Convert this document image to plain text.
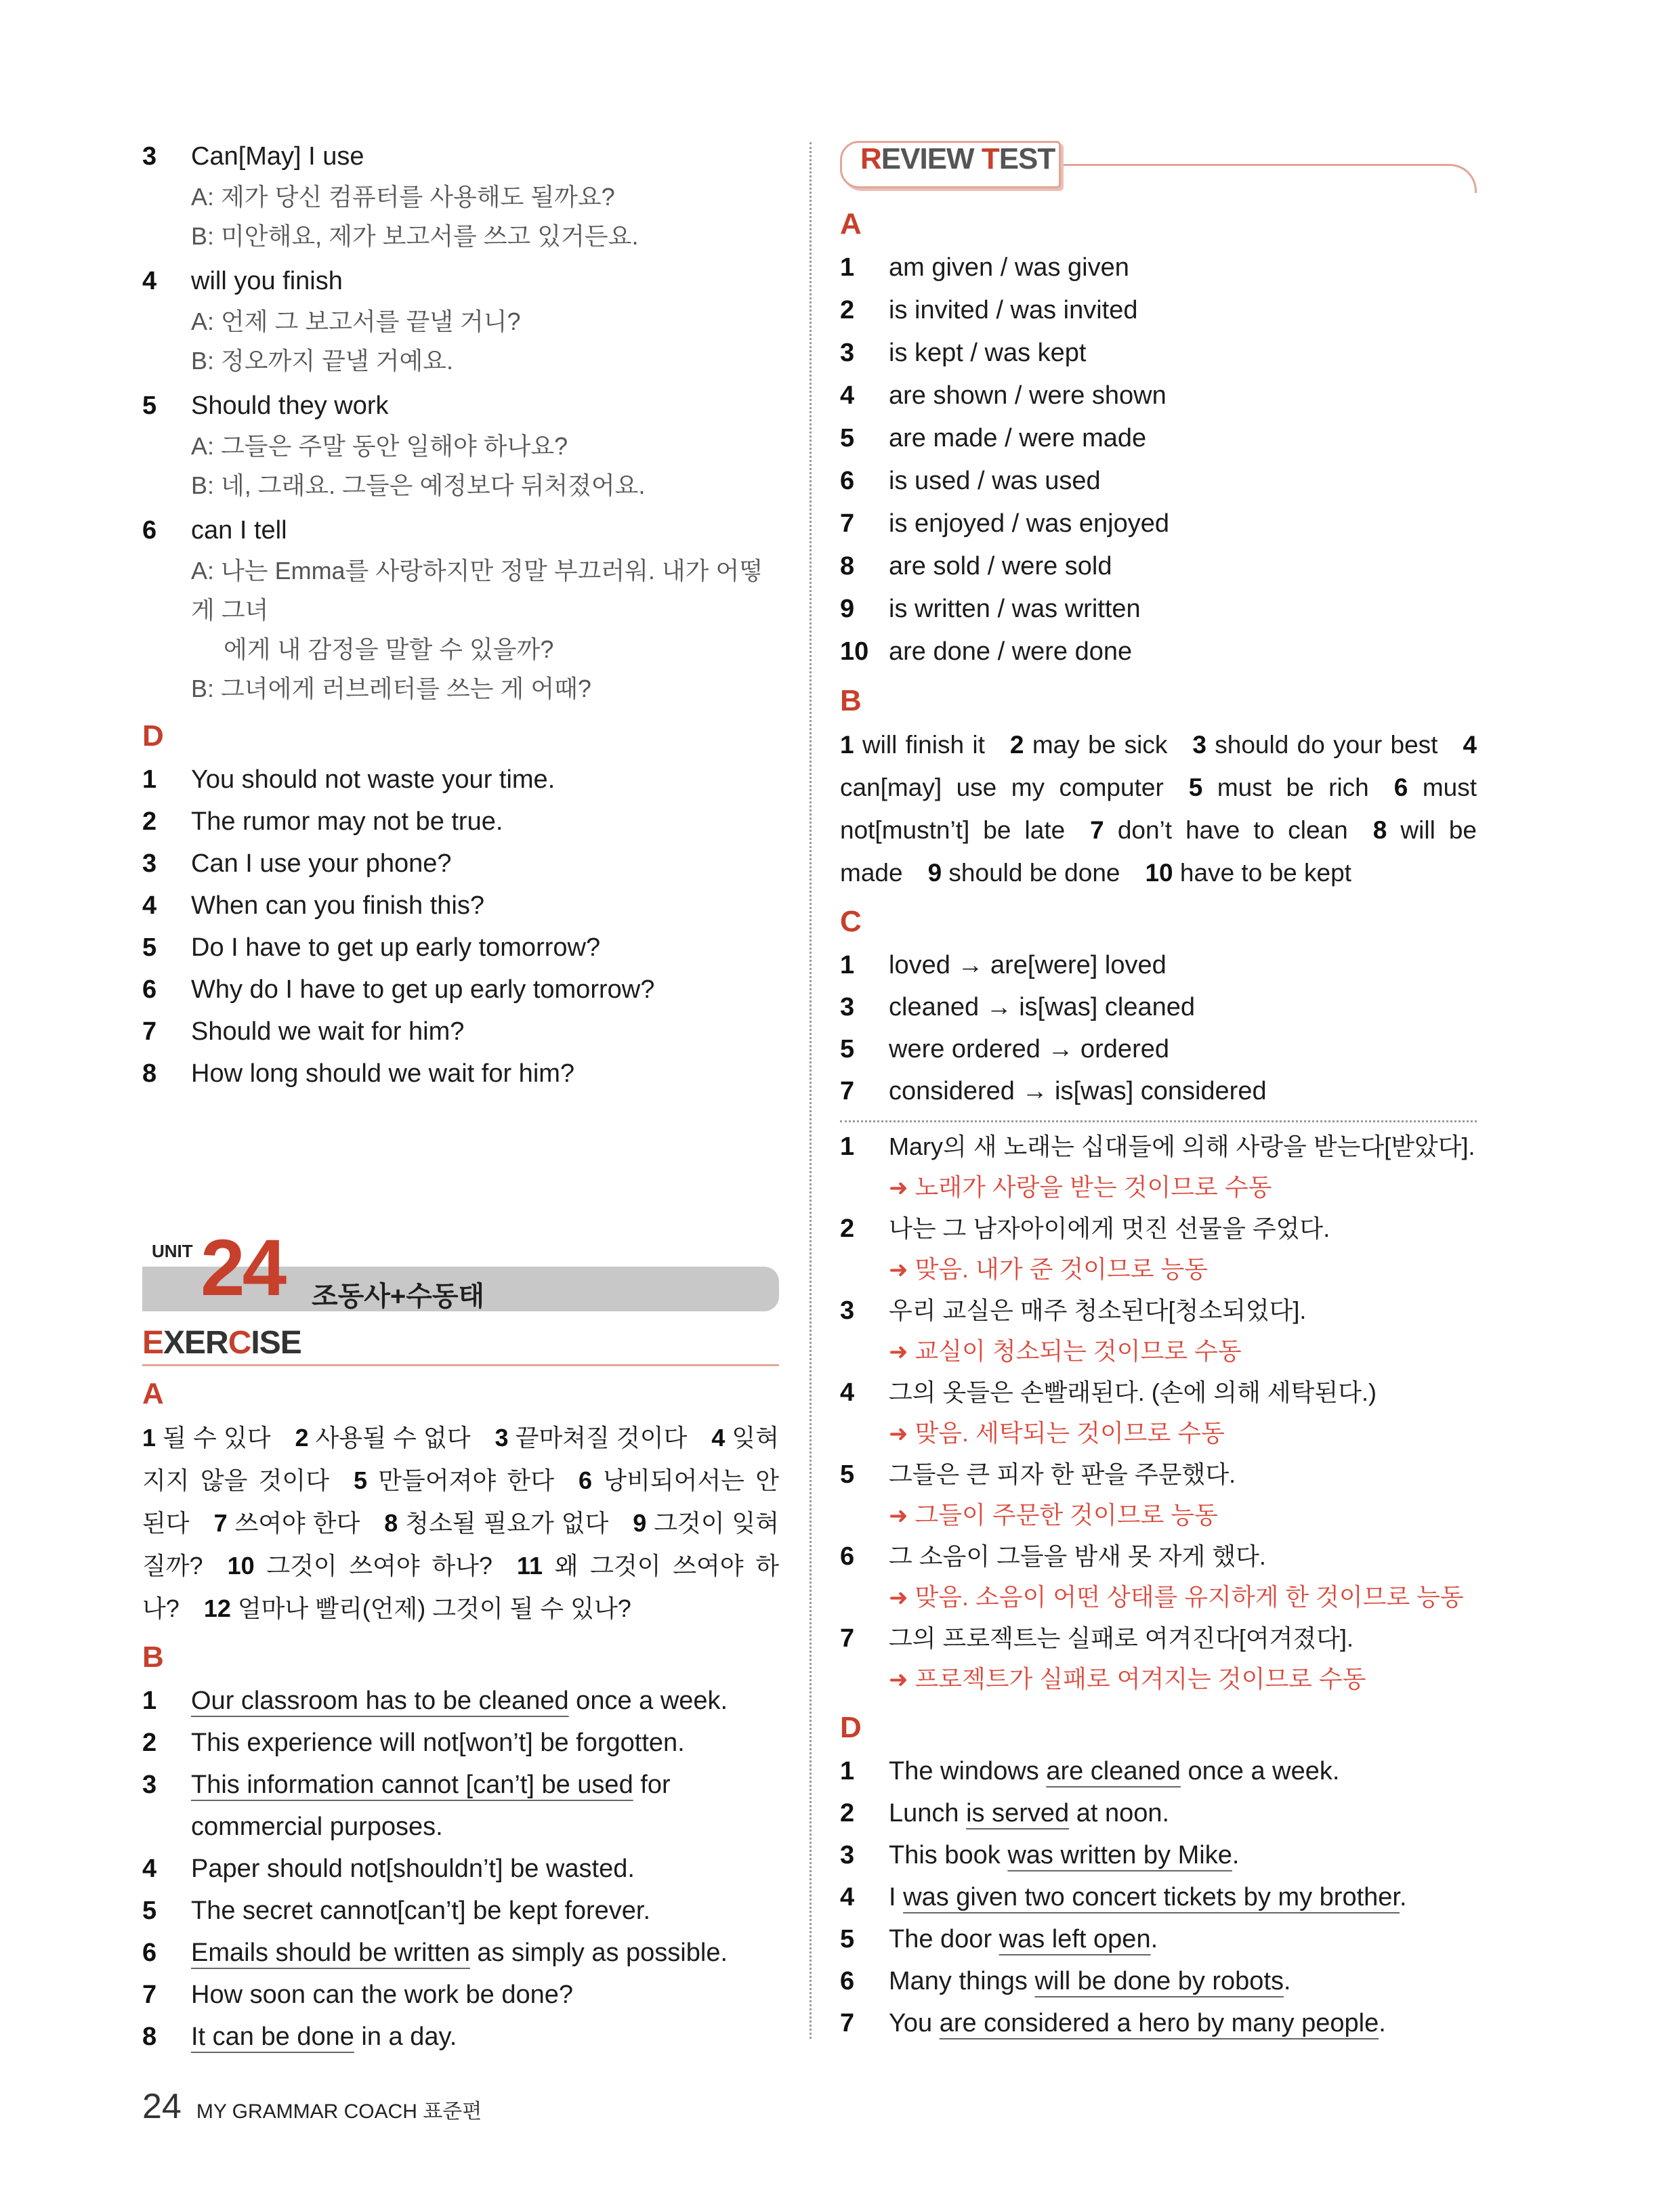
3	Can[May] I use
A: 제가 당신 컴퓨터를 사용해도 될까요?
B: 미안해요, 제가 보고서를 쓰고 있거든요.
4	will you finish
A: 언제 그 보고서를 끝낼 거니?
B: 정오까지 끝낼 거예요.
5	Should they work
A: 그들은 주말 동안 일해야 하나요?
B: 네, 그래요. 그들은 예정보다 뒤처졌어요.
6	can I tell
A: 나는 Emma를 사랑하지만 정말 부끄러워. 내가 어떻게 그녀
에게 내 감정을 말할 수 있을까?
B: 그녀에게 러브레터를 쓰는 게 어때?
D
1	You should not waste your time.
2	The rumor may not be true.
3	Can I use your phone?
4	When can you finish this?
5	Do I have to get up early tomorrow?
6	Why do I have to get up early tomorrow?
7	Should we wait for him?
8	How long should we wait for him?
UNIT 24 조동사+수동태
EXERCISE
A
1 될 수 있다  2 사용될 수 없다  3 끝마쳐질 것이다  4 잊혀지지 않을 것이다  5 만들어져야 한다  6 낭비되어서는 안 된다  7 쓰여야 한다  8 청소될 필요가 없다  9 그것이 잊혀질까?  10 그것이 쓰여야 하나?  11 왜 그것이 쓰여야 하나?  12 얼마나 빨리(언제) 그것이 될 수 있나? 
B
1	Our classroom has to be cleaned once a week.
2	This experience will not[won’t] be forgotten.
3	This information cannot [can’t] be used for commercial purposes.
4	Paper should not[shouldn’t] be wasted.
5	The secret cannot[can’t] be kept forever.
6	Emails should be written as simply as possible.
7	How soon can the work be done?
8	It can be done in a day.
REVIEW TEST
A
1	am given / was given
2	is invited / was invited
3	is kept / was kept
4	are shown / were shown
5	are made / were made
6	is used / was used
7	is enjoyed / was enjoyed
8	are sold / were sold
9	is written / was written
10 are done / were done
B
1 will finish it  2 may be sick  3 should do your best  4 can[may] use my computer  5 must be rich  6 must not[mustn’t] be late  7 don’t have to clean  8 will be made  9 should be done  10 have to be kept 
C
1	loved → are[were] loved
3	cleaned → is[was] cleaned
5	were ordered → ordered
7	considered → is[was] considered
1	Mary의 새 노래는 십대들에 의해 사랑을 받는다[받았다].
➜ 노래가 사랑을 받는 것이므로 수동
2	나는 그 남자아이에게 멋진 선물을 주었다.
➜ 맞음. 내가 준 것이므로 능동
3	우리 교실은 매주 청소된다[청소되었다].
➜ 교실이 청소되는 것이므로 수동
4	그의 옷들은 손빨래된다. (손에 의해 세탁된다.)
➜ 맞음. 세탁되는 것이므로 수동
5	그들은 큰 피자 한 판을 주문했다.
➜ 그들이 주문한 것이므로 능동
6	그 소음이 그들을 밤새 못 자게 했다.
➜ 맞음. 소음이 어떤 상태를 유지하게 한 것이므로 능동
7	그의 프로젝트는 실패로 여겨진다[여겨졌다].
➜ 프로젝트가 실패로 여겨지는 것이므로 수동
D
1	The windows are cleaned once a week.
2	Lunch is served at noon.
3	This book was written by Mike.
4	I was given two concert tickets by my brother.
5	The door was left open.
6	Many things will be done by robots.
7	You are considered a hero by many people.
24 MY GRAMMAR COACH
표준편
